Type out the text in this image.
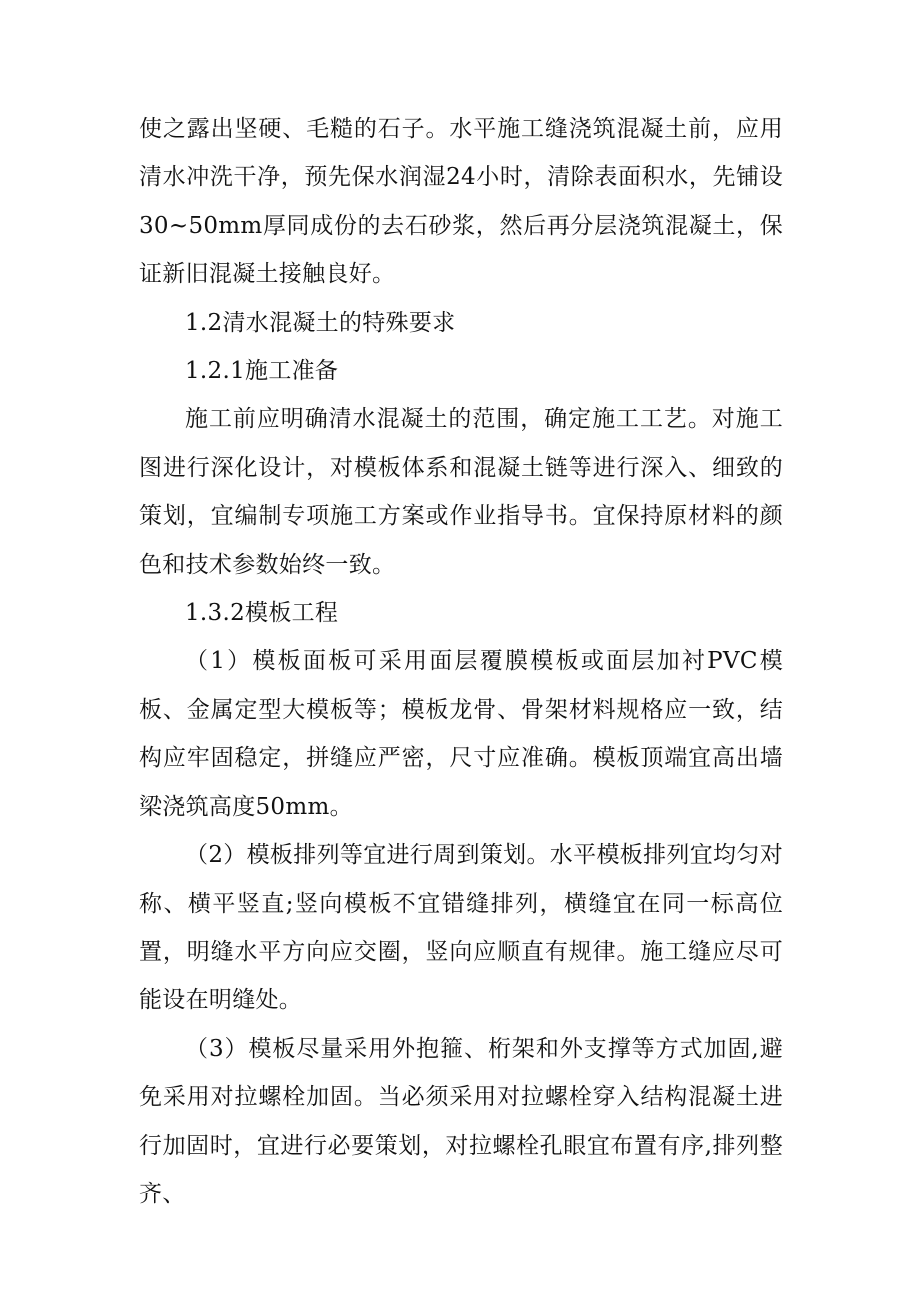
使之露出坚硬、毛糙的石子。水平施工缝浇筑混凝土前，应用清水冲洗干净，预先保水润湿24小时，清除表面积水，先铺设30~50mm厚同成份的去石砂浆，然后再分层浇筑混凝土，保证新旧混凝土接触良好。

1.2清水混凝土的特殊要求

1.2.1施工准备

施工前应明确清水混凝土的范围，确定施工工艺。对施工图进行深化设计，对模板体系和混凝土链等进行深入、细致的策划，宜编制专项施工方案或作业指导书。宜保持原材料的颜色和技术参数始终一致。

1.3.2模板工程

（1）模板面板可采用面层覆膜模板或面层加衬PVC模板、金属定型大模板等；模板龙骨、骨架材料规格应一致，结构应牢固稳定，拼缝应严密，尺寸应准确。模板顶端宜高出墙梁浇筑高度50mm。

（2）模板排列等宜进行周到策划。水平模板排列宜均匀对称、横平竖直;竖向模板不宜错缝排列，横缝宜在同一标高位置，明缝水平方向应交圈，竖向应顺直有规律。施工缝应尽可能设在明缝处。

（3）模板尽量采用外抱箍、桁架和外支撑等方式加固,避免采用对拉螺栓加固。当必须采用对拉螺栓穿入结构混凝土进行加固时，宜进行必要策划，对拉螺栓孔眼宜布置有序,排列整齐、
